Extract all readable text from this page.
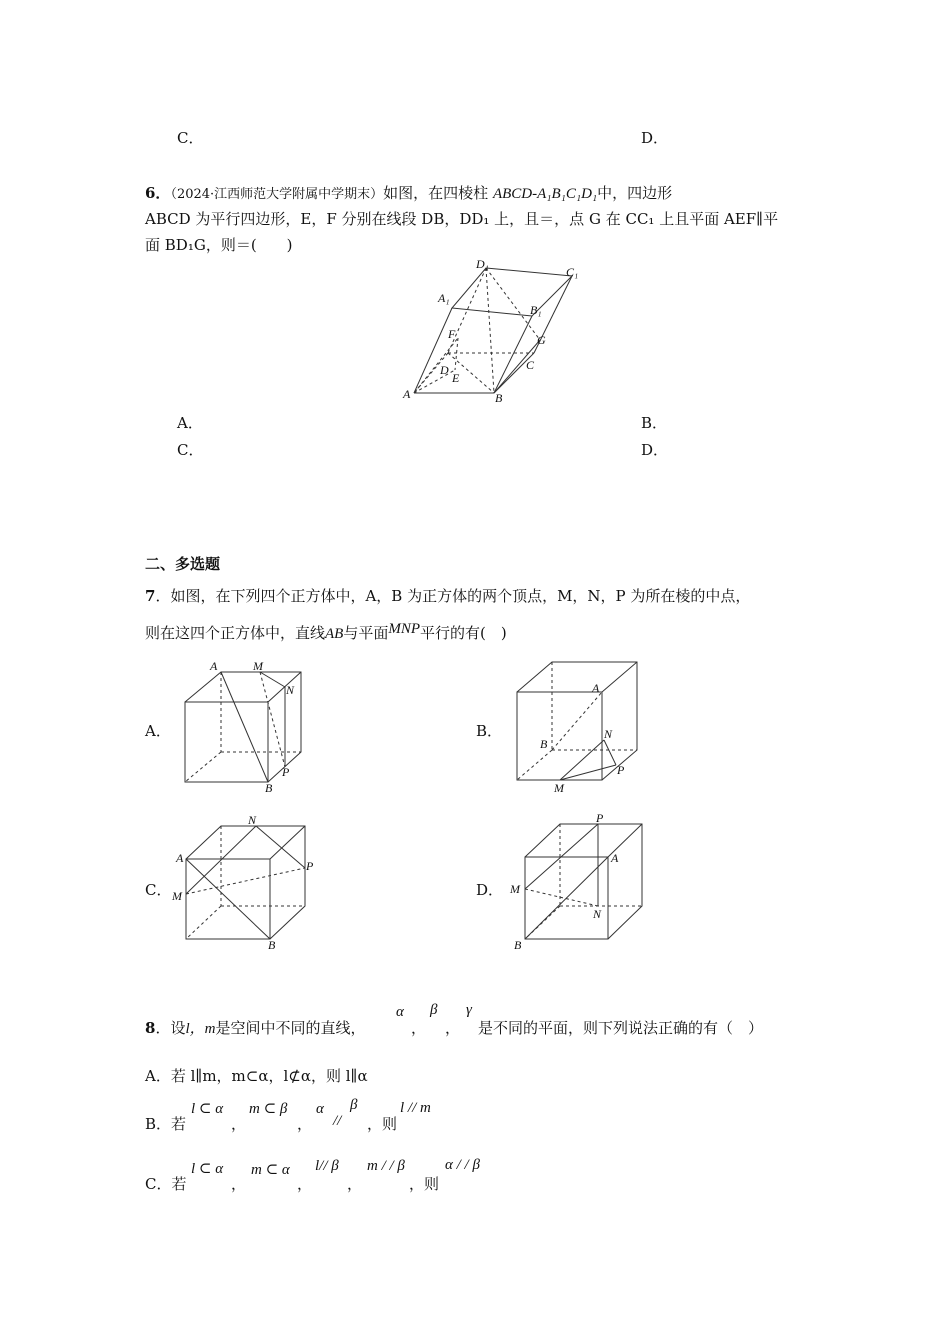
C．	D．
6．（2024·江西师范大学附属中学期末）如图，在四棱柱 ABCD-A₁B₁C₁D₁中，四边形
ABCD 为平行四边形，E，F 分别在线段 DB，DD₁ 上，且＝，点 G 在 CC₁ 上且平面 AEF∥平
面 BD₁G，则＝(　　)
D₁
C₁
A₁
B₁
F	G
D	C
E
A	B
A．	B．
C．	D．
二、多选题
7．如图，在下列四个正方体中，A，B 为正方体的两个顶点，M，N，P 为所在棱的中点，
则在这四个正方体中，直线AB与平面MNP平行的有(　)
A．	B．
C．	D．
A	M
N
P
B
A
B
N
P
M
N
A
P
M
B
P
A
M
N
B
8．设l，m是空间中不同的直线，
α
，
β
，
γ
是不同的平面，则下列说法正确的有（　）
A．若 l∥m，m⊂α，l⊄α，则 l∥α
B．若
l ⊂ α
，
m ⊂ β
，
α
//
β
，则
l // m
C．若
l ⊂ α
，
m ⊂ α
，
l// β
，
m / / β
，则
α / / β
